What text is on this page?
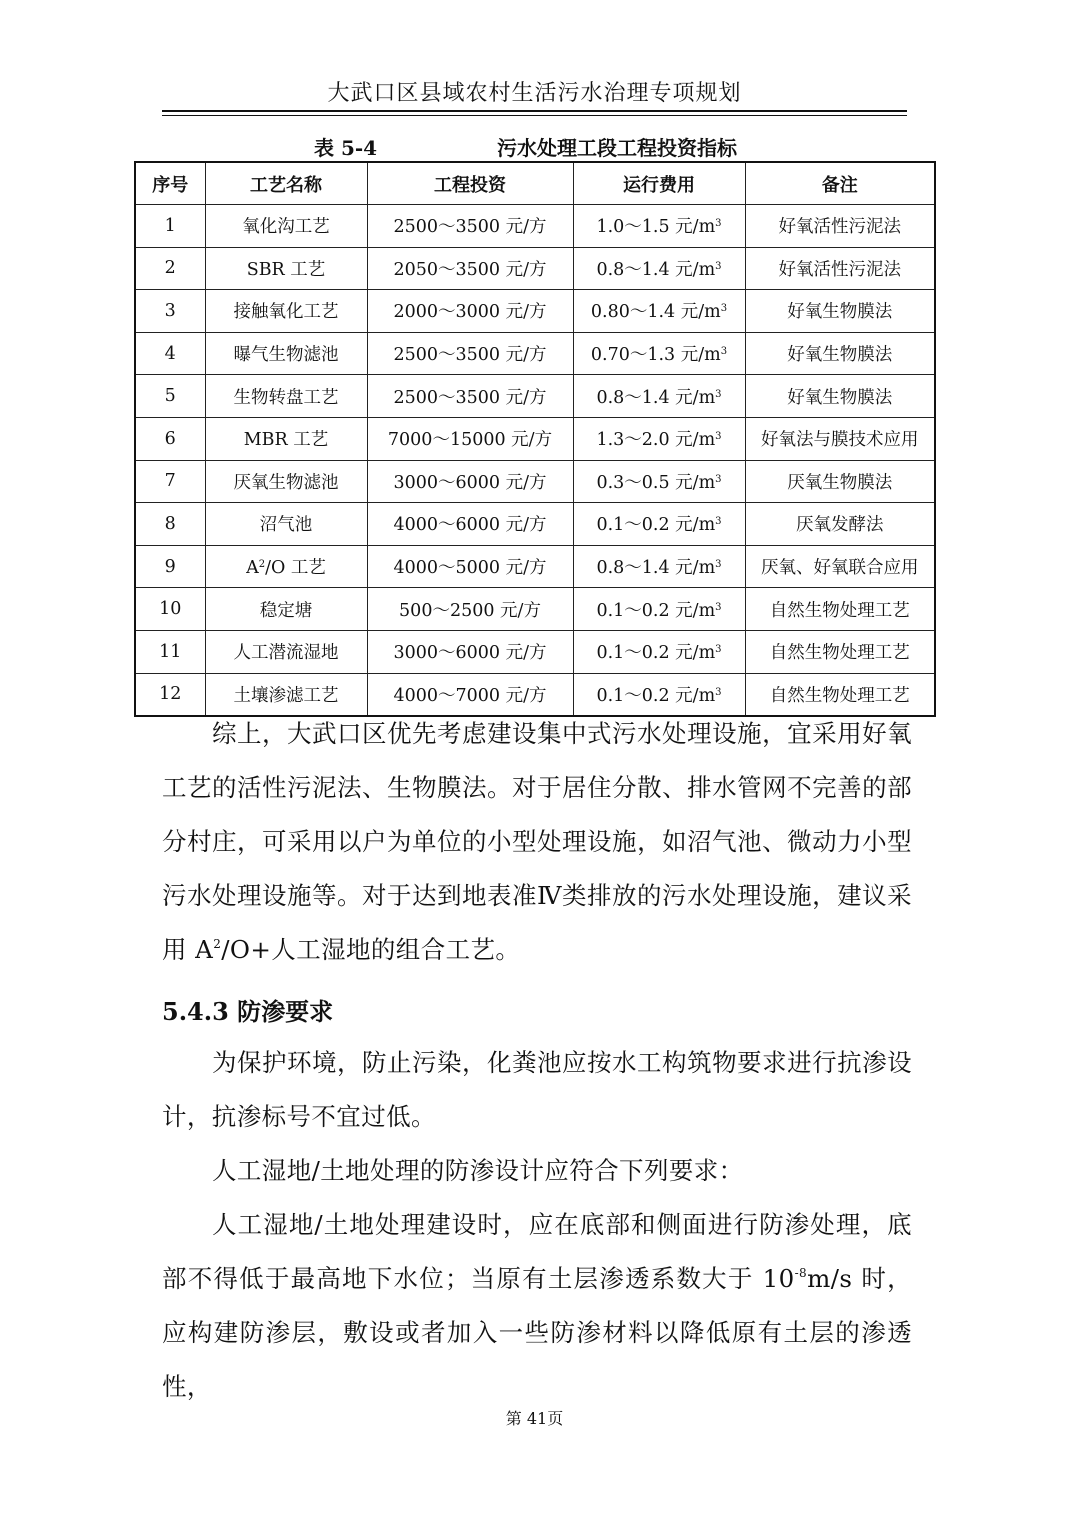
大武口区县域农村生活污水治理专项规划
表 5-4	污水处理工段工程投资指标
序号	工艺名称	工程投资	运行费用	备注
1	氧化沟工艺	2500～3500 元/方	1.0～1.5 元$/m^3$	好氧活性污泥法
2	SBR 工艺	2050～3500 元/方	0.8～1.4 元$/m^3$	好氧活性污泥法
3	接触氧化工艺	2000～3000 元/方	0.80～1.4 元$/m^3$	好氧生物膜法
4	曝气生物滤池	2500～3500 元/方	0.70～1.3 元$/m^3$	好氧生物膜法
5	生物转盘工艺	2500～3500 元/方	0.8～1.4 元$/m^3$	好氧生物膜法
6	MBR 工艺	7000～15000 元/方	1.3～2.0 元$/m^3$	好氧法与膜技术应用
7	厌氧生物滤池	3000～6000 元/方	0.3～0.5 元$/m^3$	厌氧生物膜法
8	沼气池	4000～6000 元/方	0.1～0.2 元$/m^3$	厌氧发酵法
9	$A^2/O$ 工艺	4000～5000 元/方	0.8～1.4 元$/m^3$	厌氧、好氧联合应用
10	稳定塘	500～2500 元/方	0.1～0.2 元$/m^3$	自然生物处理工艺
11	人工潜流湿地	3000～6000 元/方	0.1～0.2 元$/m^3$	自然生物处理工艺
12	土壤渗滤工艺	4000～7000 元/方	0.1～0.2 元$/m^3$	自然生物处理工艺

综上，大武口区优先考虑建设集中式污水处理设施，宜采用好氧工艺的活性污泥法、生物膜法。对于居住分散、排水管网不完善的部分村庄，可采用以户为单位的小型处理设施，如沼气池、微动力小型污水处理设施等。对于达到地表准Ⅳ类排放的污水处理设施，建议采用 $A^2/O+$人工湿地的组合工艺。

5.4.3 防渗要求

为保护环境，防止污染，化粪池应按水工构筑物要求进行抗渗设计，抗渗标号不宜过低。

人工湿地/土地处理的防渗设计应符合下列要求：

人工湿地/土地处理建设时，应在底部和侧面进行防渗处理，底部不得低于最高地下水位；当原有土层渗透系数大于 $10^{-8}m/s$ 时，应构建防渗层，敷设或者加入一些防渗材料以降低原有土层的渗透性，

第 41页
